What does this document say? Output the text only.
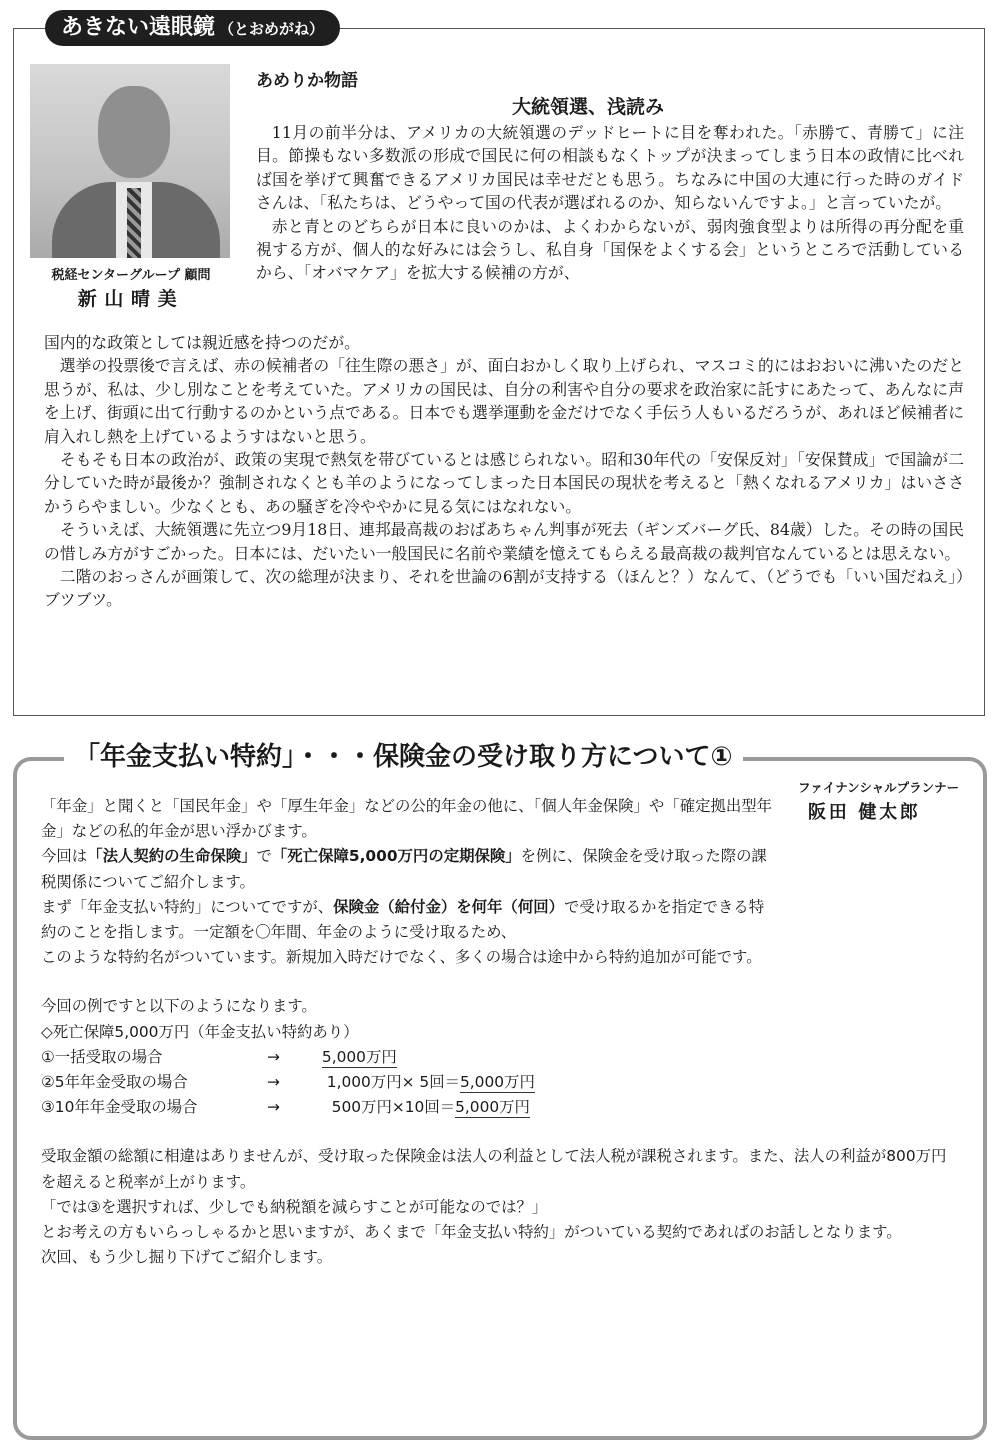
あきない遠眼鏡 （とおめがね）
税経センターグループ 顧問
新山晴美
あめりか物語
大統領選、浅読み
11月の前半分は、アメリカの大統領選のデッドヒートに目を奪われた。「赤勝て、青勝て」に注目。節操もない多数派の形成で国民に何の相談もなくトップが決まってしまう日本の政情に比べれば国を挙げて興奮できるアメリカ国民は幸せだとも思う。ちなみに中国の大連に行った時のガイドさんは、「私たちは、どうやって国の代表が選ばれるのか、知らないんですよ。」と言っていたが。
赤と青とのどちらが日本に良いのかは、よくわからないが、弱肉強食型よりは所得の再分配を重視する方が、個人的な好みには会うし、私自身「国保をよくする会」というところで活動しているから、「オバマケア」を拡大する候補の方が、
国内的な政策としては親近感を持つのだが。
選挙の投票後で言えば、赤の候補者の「往生際の悪さ」が、面白おかしく取り上げられ、マスコミ的にはおおいに沸いたのだと思うが、私は、少し別なことを考えていた。アメリカの国民は、自分の利害や自分の要求を政治家に託すにあたって、あんなに声を上げ、街頭に出て行動するのかという点である。日本でも選挙運動を金だけでなく手伝う人もいるだろうが、あれほど候補者に肩入れし熱を上げているようすはないと思う。
そもそも日本の政治が、政策の実現で熱気を帯びているとは感じられない。昭和30年代の「安保反対」「安保賛成」で国論が二分していた時が最後か？強制されなくとも羊のようになってしまった日本国民の現状を考えると「熱くなれるアメリカ」はいささかうらやましい。少なくとも、あの騒ぎを冷ややかに見る気にはなれない。
そういえば、大統領選に先立つ9月18日、連邦最高裁のおばあちゃん判事が死去（ギンズバーグ氏、84歳）した。その時の国民の惜しみ方がすごかった。日本には、だいたい一般国民に名前や業績を憶えてもらえる最高裁の裁判官なんているとは思えない。
二階のおっさんが画策して、次の総理が決まり、それを世論の6割が支持する（ほんと？）なんて、（どうでも「いい国だねえ」）ブツブツ。
「年金支払い特約」・・・保険金の受け取り方について①
ファイナンシャルプランナー
阪田 健太郎

「年金」と聞くと「国民年金」や「厚生年金」などの公的年金の他に、「個人年金保険」や「確定拠出型年金」などの私的年金が思い浮かびます。

今回は「法人契約の生命保険」で「死亡保障5,000万円の定期保険」を例に、保険金を受け取った際の課税関係についてご紹介します。

まず「年金支払い特約」についてですが、保険金（給付金）を何年（何回）で受け取るかを指定できる特約のことを指します。一定額を〇年間、年金のように受け取るため、

このような特約名がついています。新規加入時だけでなく、多くの場合は途中から特約追加が可能です。

今回の例ですと以下のようになります。

◇死亡保障5,000万円（年金支払い特約あり）

①一括受取の場合	→	5,000万円
②5年年金受取の場合	→  1,000万円× 5回＝5,000万円
③10年年金受取の場合	→   500万円×10回＝5,000万円

受取金額の総額に相違はありませんが、受け取った保険金は法人の利益として法人税が課税されます。また、法人の利益が800万円を超えると税率が上がります。

「では③を選択すれば、少しでも納税額を減らすことが可能なのでは？」

とお考えの方もいらっしゃるかと思いますが、あくまで「年金支払い特約」がついている契約であればのお話しとなります。

次回、もう少し掘り下げてご紹介します。
